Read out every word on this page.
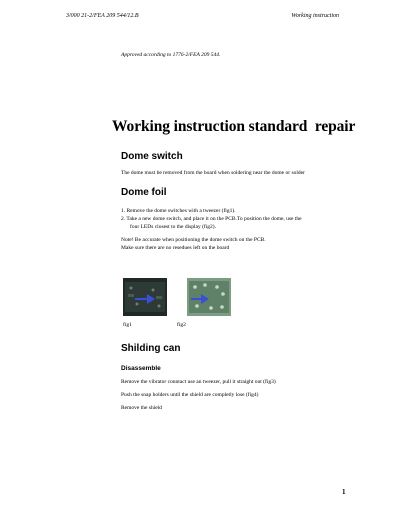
3/000 21-2/FEA 209 544/12.B	Working instruction
Approved according to 1776-2/FEA 209 544.
Working instruction standard  repair
Dome switch
The dome must be removed from the board when soldering near the dome or solder
Dome foil
1. Remove the dome switches with a tweezer (fig1).
2. Take a new dome switch, and place it on the PCB.To position the dome, use the
four LEDs closest to the display (fig2).
Note! Be accurate when positioning the dome switch on the PCB.
Make sure there are no resedues left on the board
fig1	fig2
Shilding can
Disassemble
Remove the vibrator conntact use an tweezer, pull it straight out (fig3)
Push the snap holders until the shield are completly lose (fig4)
Remove the shield
1
